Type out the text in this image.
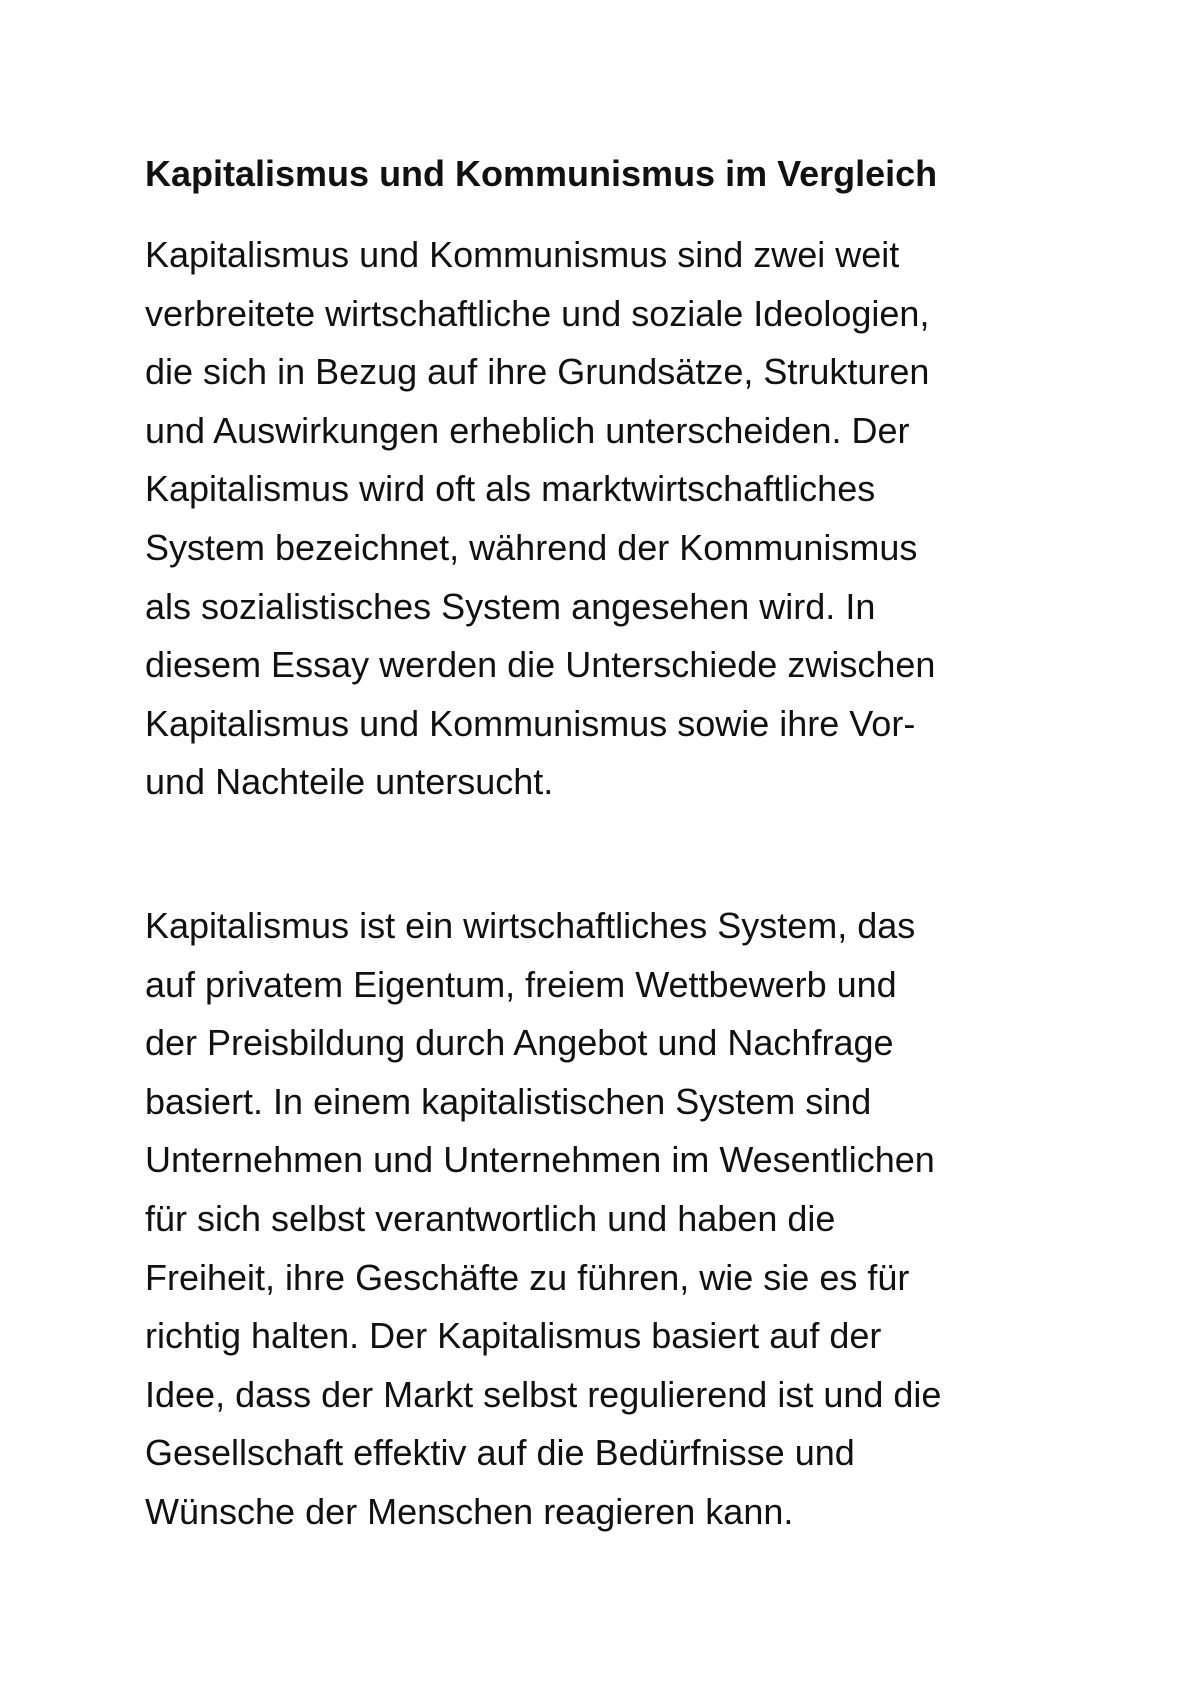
Kapitalismus und Kommunismus im Vergleich

Kapitalismus und Kommunismus sind zwei weit
verbreitete wirtschaftliche und soziale Ideologien,
die sich in Bezug auf ihre Grundsätze, Strukturen
und Auswirkungen erheblich unterscheiden. Der
Kapitalismus wird oft als marktwirtschaftliches
System bezeichnet, während der Kommunismus
als sozialistisches System angesehen wird. In
diesem Essay werden die Unterschiede zwischen
Kapitalismus und Kommunismus sowie ihre Vor-
und Nachteile untersucht.

Kapitalismus ist ein wirtschaftliches System, das
auf privatem Eigentum, freiem Wettbewerb und
der Preisbildung durch Angebot und Nachfrage
basiert. In einem kapitalistischen System sind
Unternehmen und Unternehmen im Wesentlichen
für sich selbst verantwortlich und haben die
Freiheit, ihre Geschäfte zu führen, wie sie es für
richtig halten. Der Kapitalismus basiert auf der
Idee, dass der Markt selbst regulierend ist und die
Gesellschaft effektiv auf die Bedürfnisse und
Wünsche der Menschen reagieren kann.
